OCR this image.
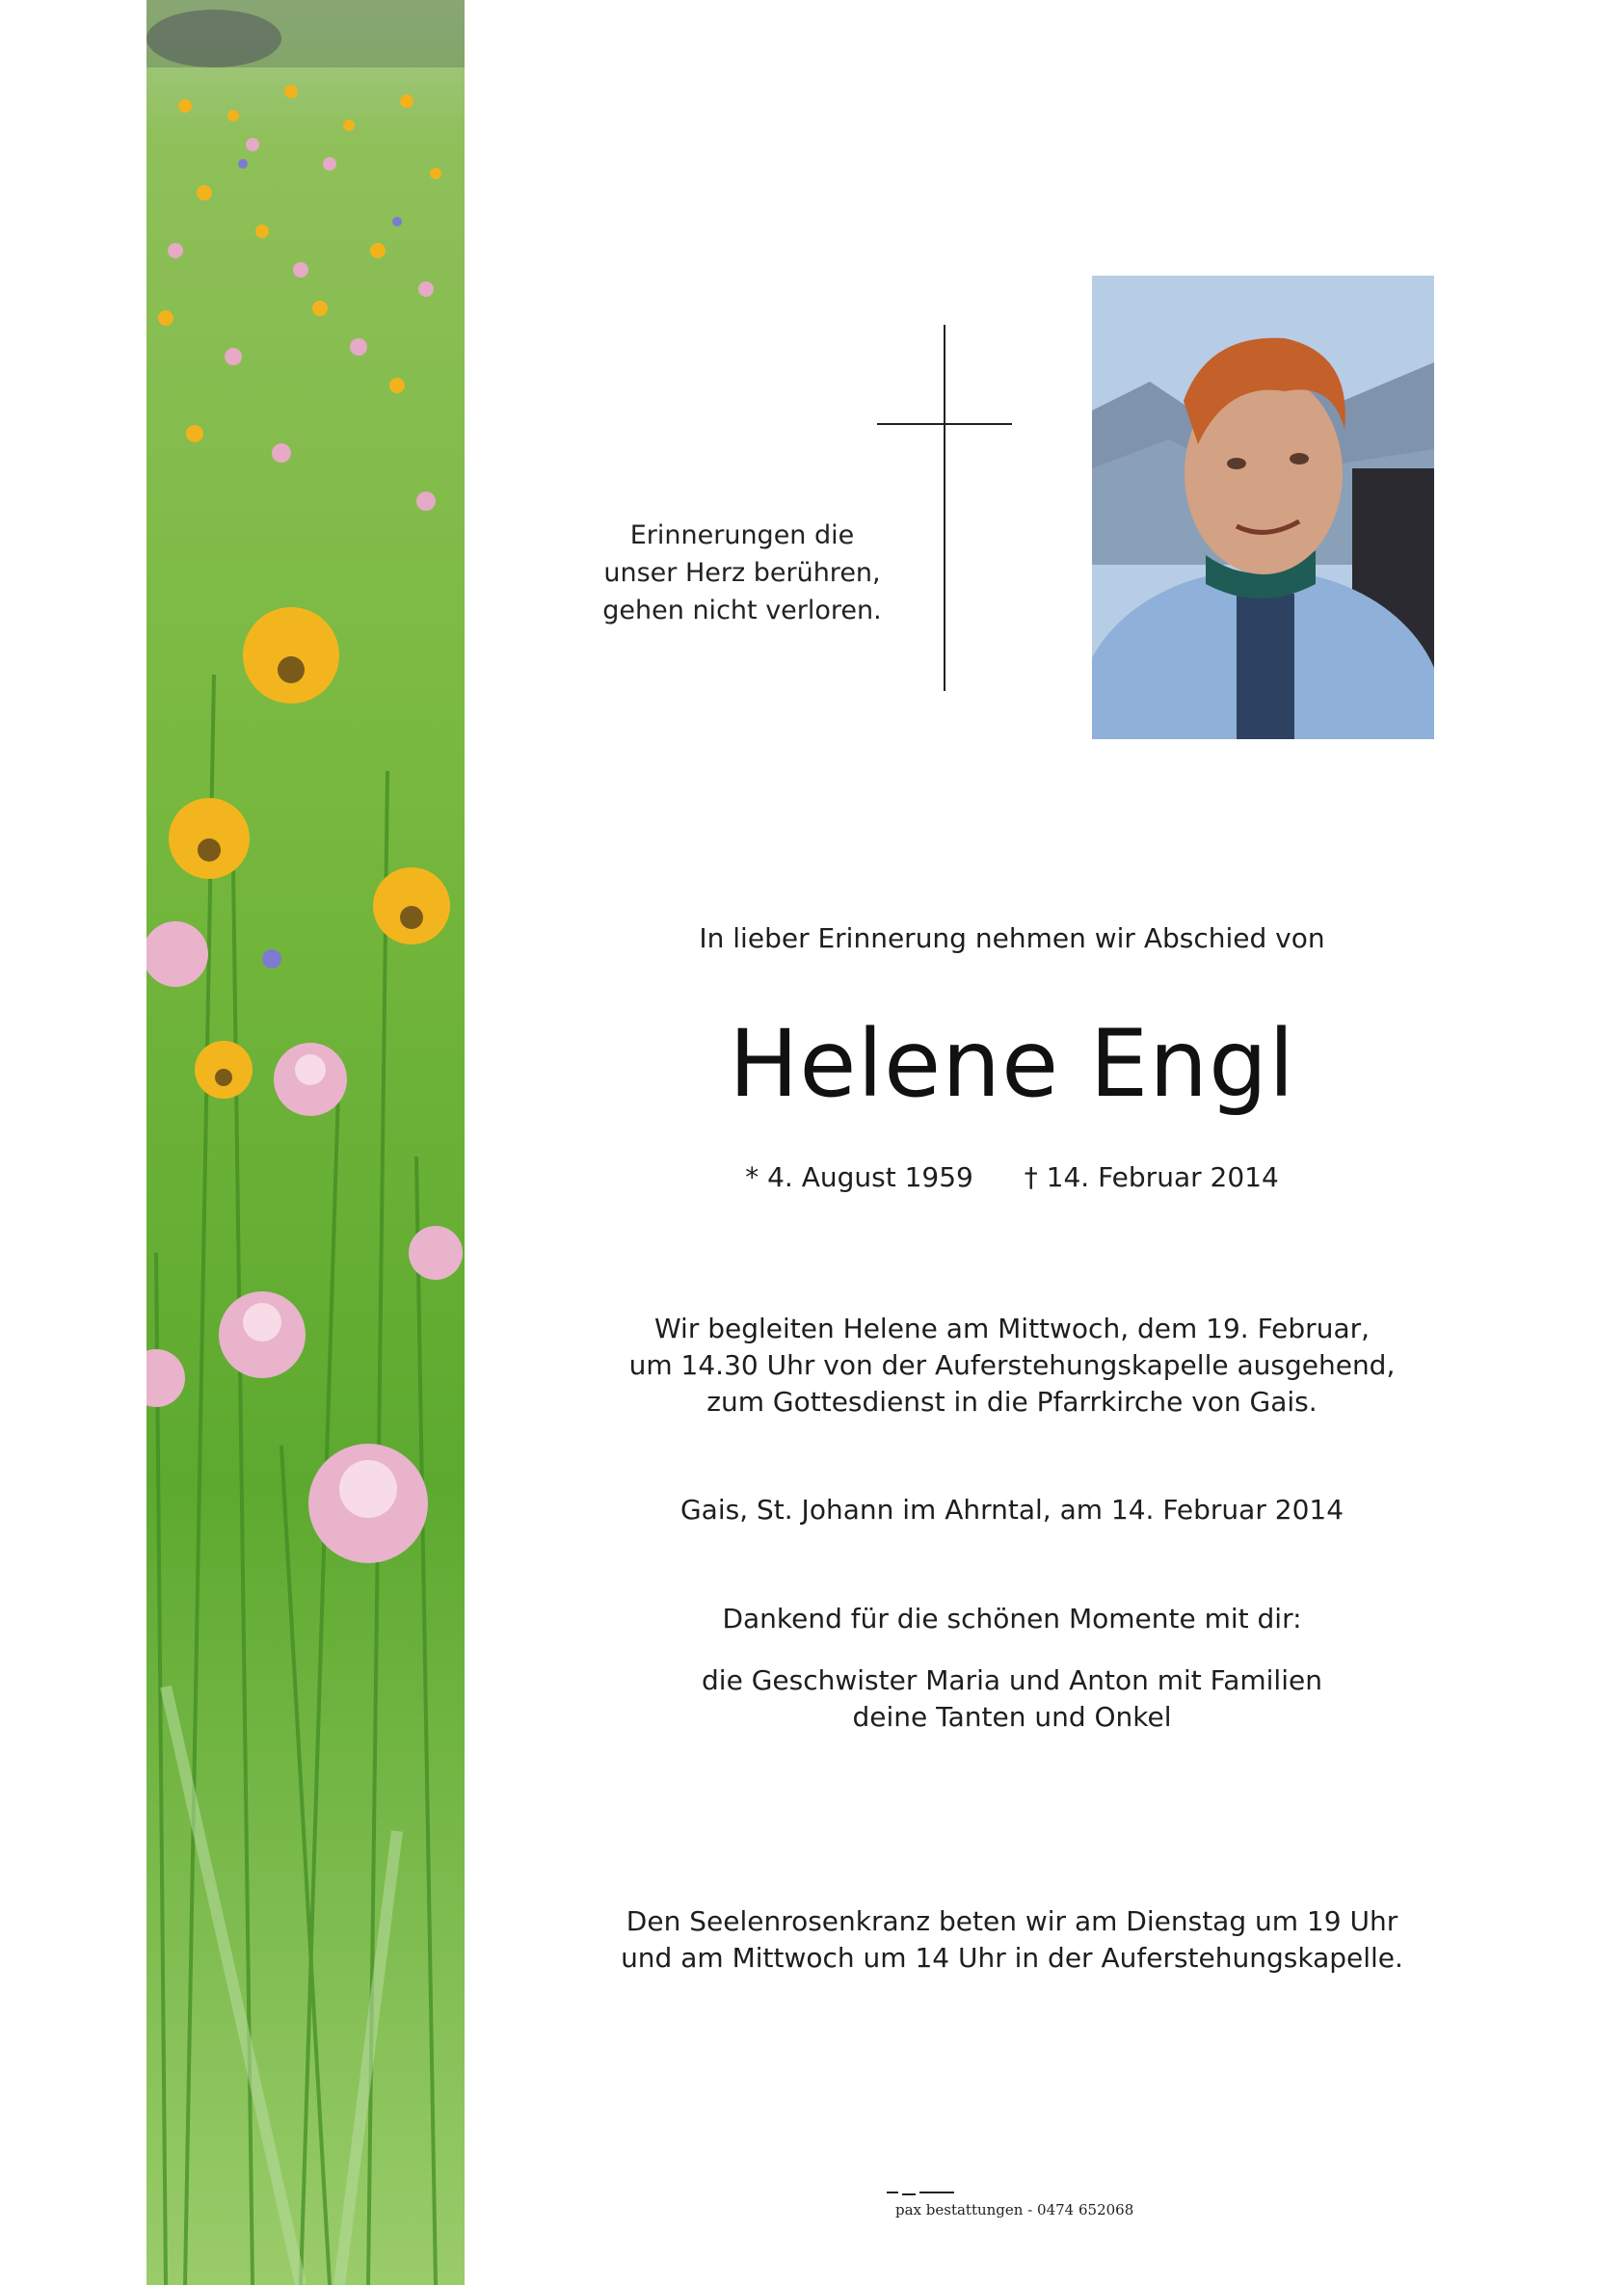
Erinnerungen die
unser Herz berühren,
gehen nicht verloren.
In lieber Erinnerung nehmen wir Abschied von
Helene Engl
* 4. August 1959 † 14. Februar 2014
Wir begleiten Helene am Mittwoch, dem 19. Februar,
um 14.30 Uhr von der Auferstehungskapelle ausgehend,
zum Gottesdienst in die Pfarrkirche von Gais.
Gais, St. Johann im Ahrntal, am 14. Februar 2014
Dankend für die schönen Momente mit dir:
die Geschwister Maria und Anton mit Familien
deine Tanten und Onkel
Den Seelenrosenkranz beten wir am Dienstag um 19 Uhr
und am Mittwoch um 14 Uhr in der Auferstehungskapelle.
pax bestattungen - 0474 652068
